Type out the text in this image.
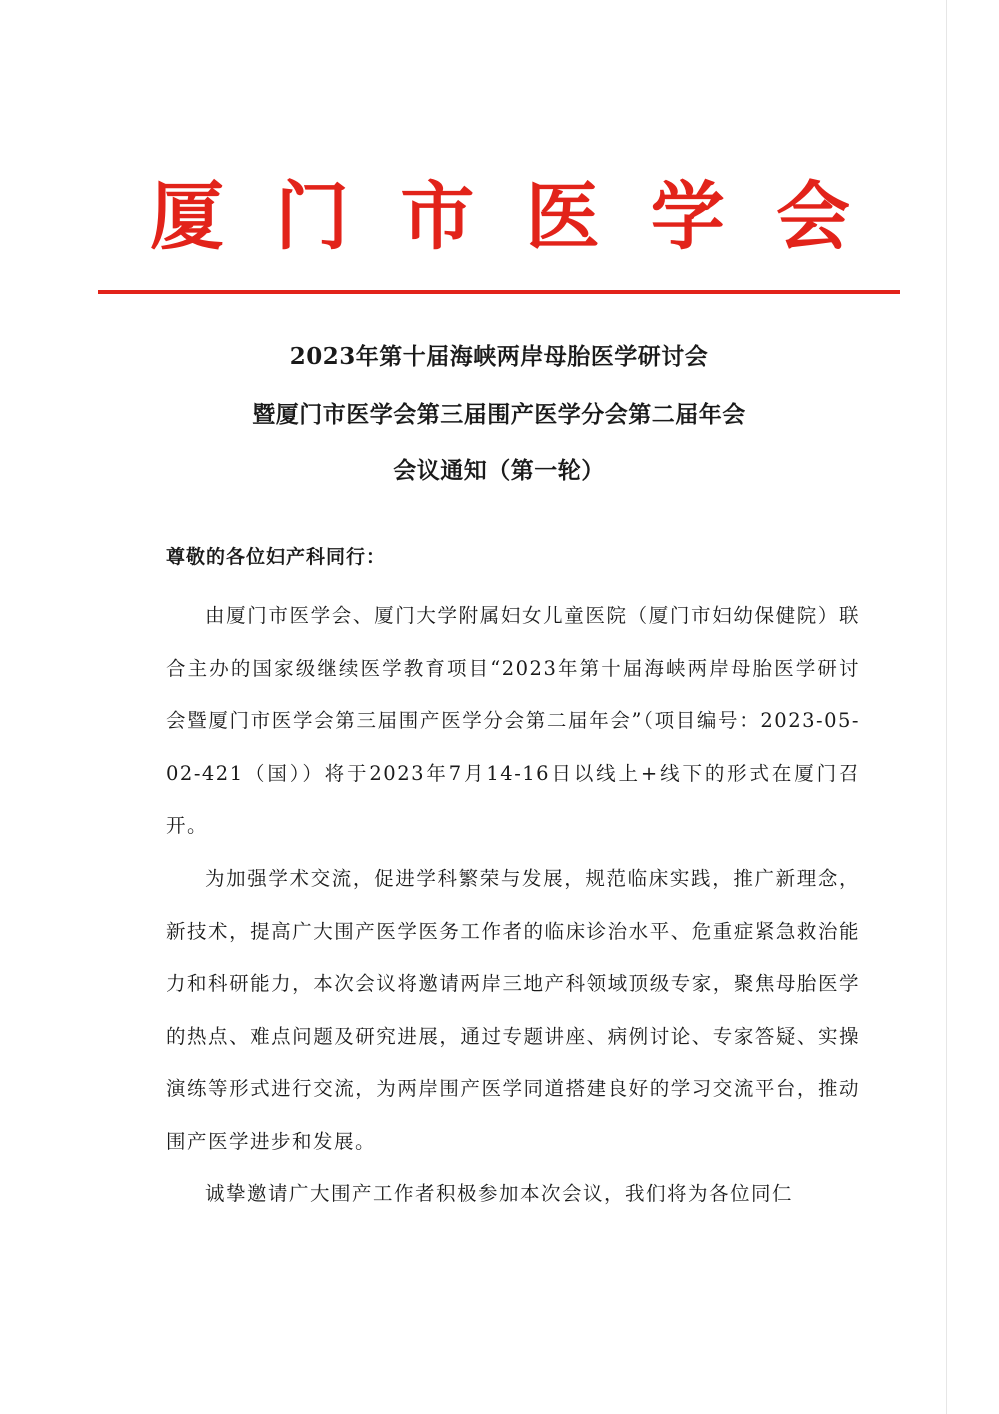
厦 门 市 医 学 会
2023年第十届海峡两岸母胎医学研讨会
暨厦门市医学会第三届围产医学分会第二届年会
会议通知（第一轮）
尊敬的各位妇产科同行：

由厦门市医学会、厦门大学附属妇女儿童医院（厦门市妇幼保健院）联合主办的国家级继续医学教育项目“2023年第十届海峡两岸母胎医学研讨会暨厦门市医学会第三届围产医学分会第二届年会”（项目编号：2023-05-02-421（国））将于2023年7月14-16日以线上+线下的形式在厦门召开。

为加强学术交流，促进学科繁荣与发展，规范临床实践，推广新理念，新技术，提高广大围产医学医务工作者的临床诊治水平、危重症紧急救治能力和科研能力，本次会议将邀请两岸三地产科领域顶级专家，聚焦母胎医学的热点、难点问题及研究进展，通过专题讲座、病例讨论、专家答疑、实操演练等形式进行交流，为两岸围产医学同道搭建良好的学习交流平台，推动围产医学进步和发展。

诚挚邀请广大围产工作者积极参加本次会议，我们将为各位同仁
